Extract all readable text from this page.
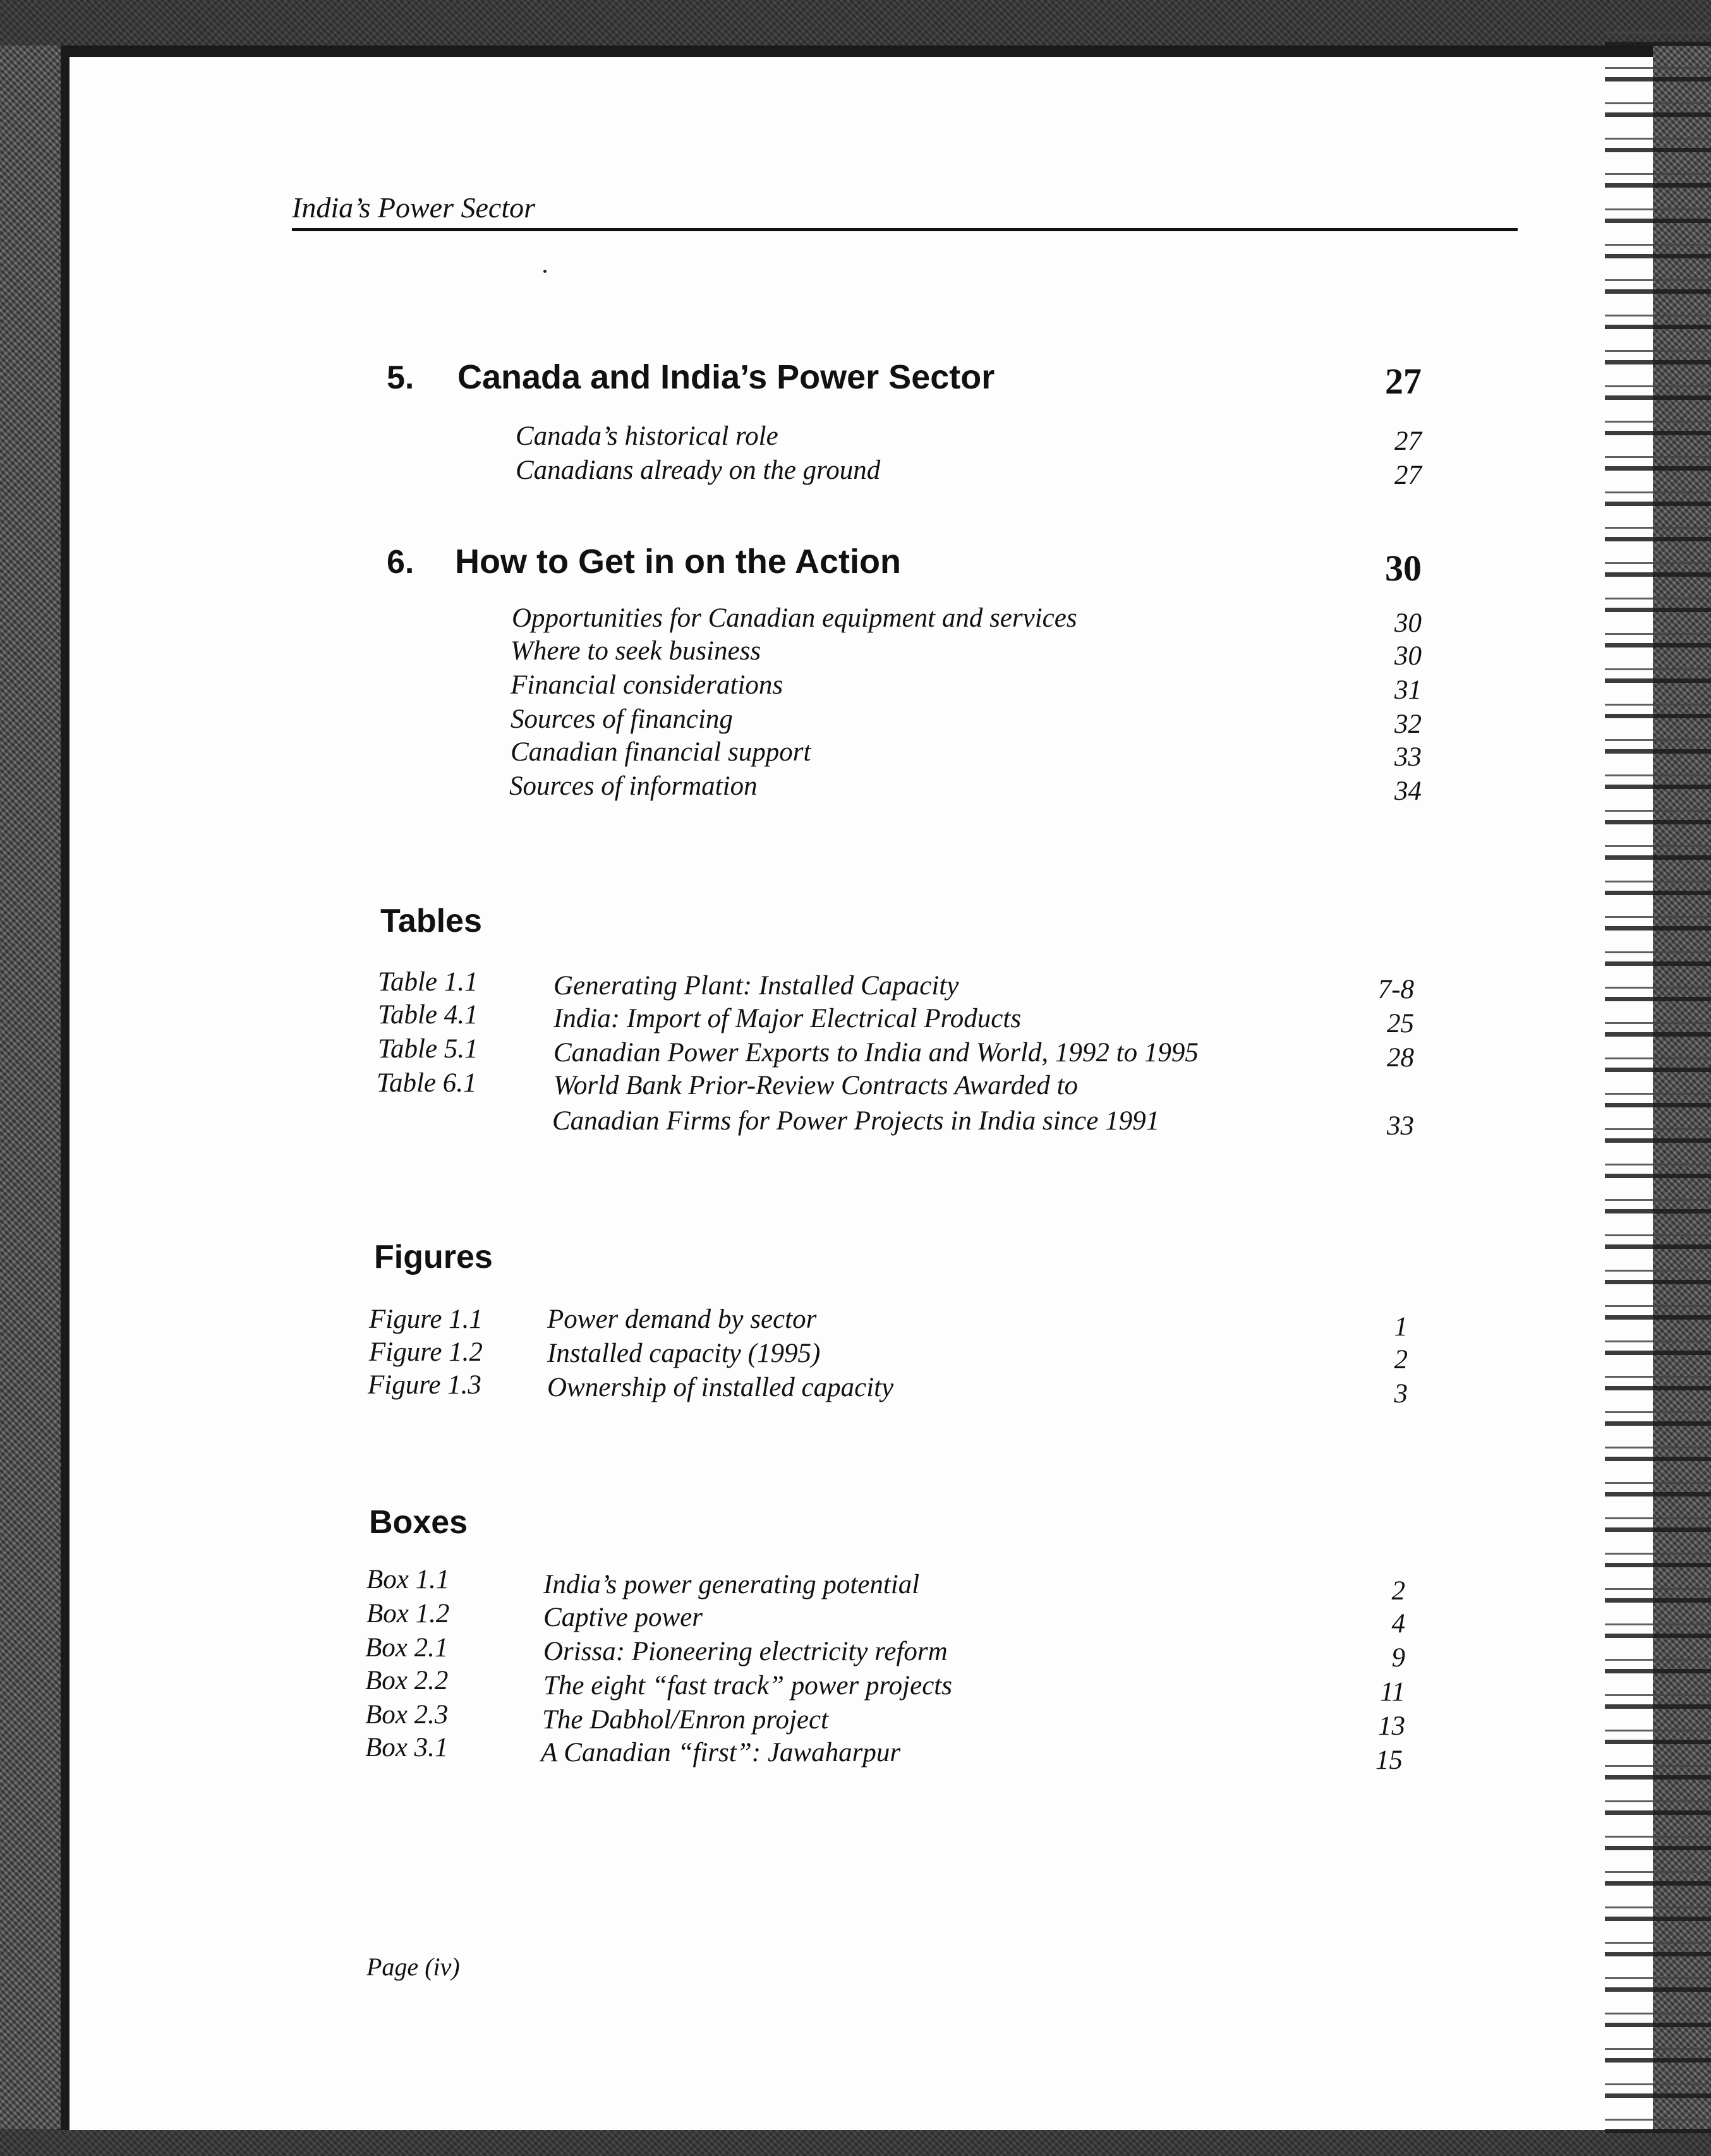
India’s Power Sector
5. Canada and India’s Power Sector	27
Canada’s historical role	27
Canadians already on the ground	27
6. How to Get in on the Action	30
Opportunities for Canadian equipment and services	30
Where to seek business	30
Financial considerations	31
Sources of financing	32
Canadian financial support	33
Sources of information	34
Tables
Table 1.1	Generating Plant: Installed Capacity	7-8
Table 4.1	India: Import of Major Electrical Products	25
Table 5.1	Canadian Power Exports to India and World, 1992 to 1995	28
Table 6.1	World Bank Prior-Review Contracts Awarded to
Canadian Firms for Power Projects in India since 1991	33
Figures
Figure 1.1 Power demand by sector	1
Figure 1.2 Installed capacity (1995)	2
Figure 1.3 Ownership of installed capacity	3
Boxes
Box 1.1	India’s power generating potential	2
Box 1.2	Captive power	4
Box 2.1	Orissa: Pioneering electricity reform	9
Box 2.2	The eight “fast track” power projects	11
Box 2.3	The Dabhol/Enron project	13
Box 3.1	A Canadian “first”: Jawaharpur	15
Page (iv)
